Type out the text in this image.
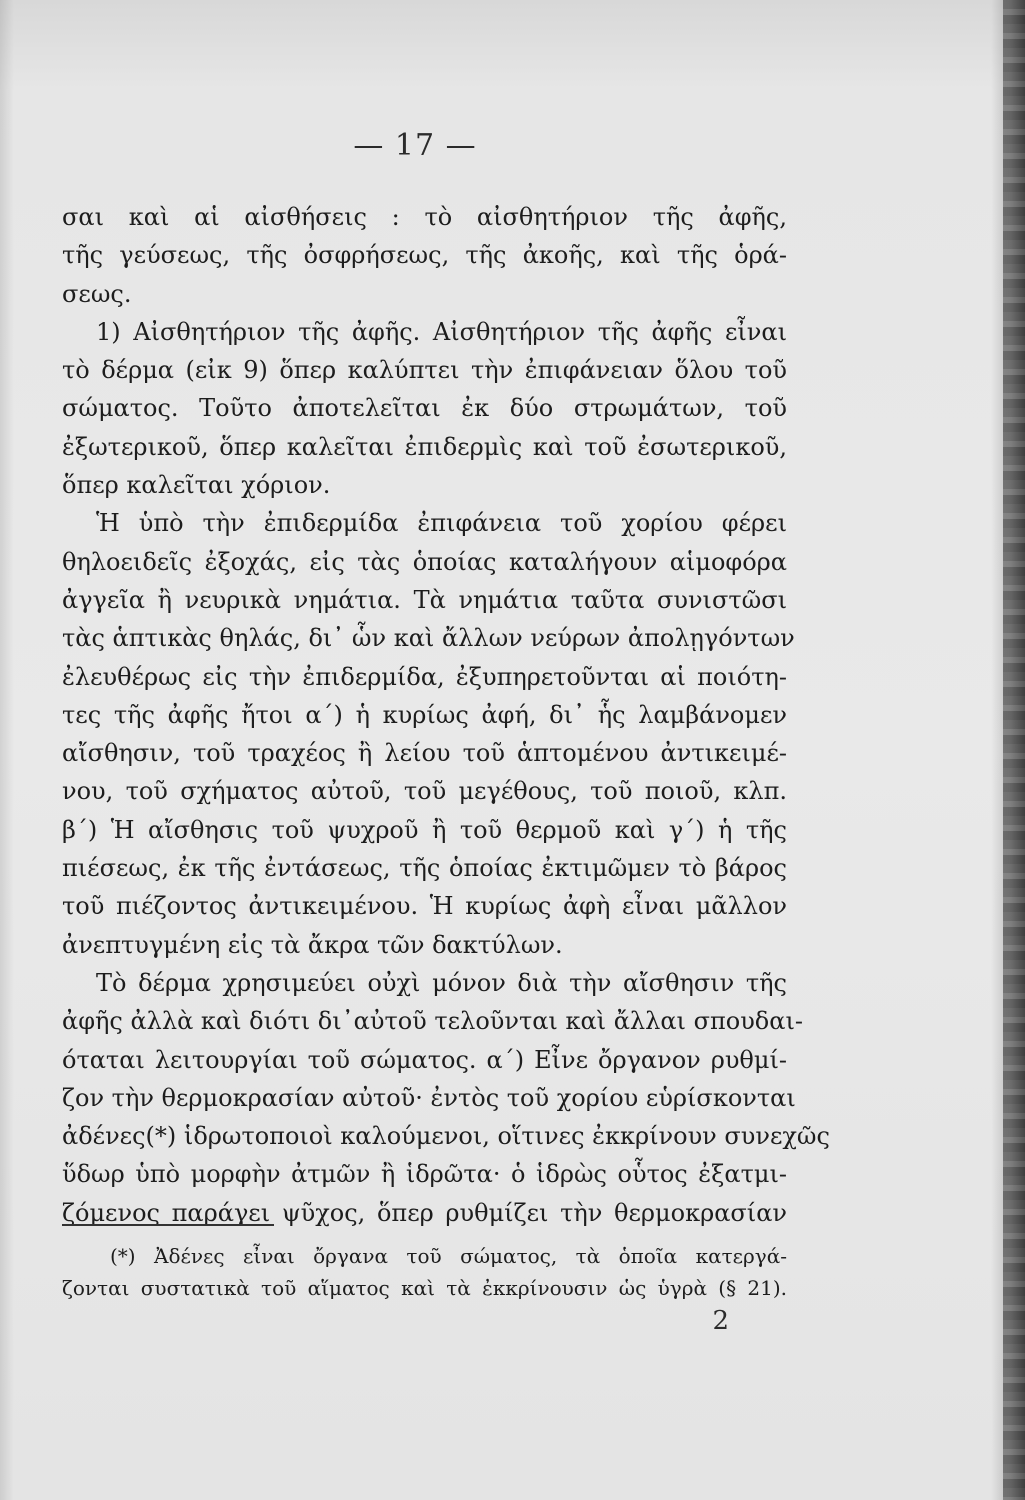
— 17 —
σαι καὶ αἱ αἰσθήσεις : τὸ αἰσθητήριον τῆς ἀφῆς,
τῆς γεύσεως, τῆς ὀσφρήσεως, τῆς ἀκοῆς, καὶ τῆς ὁρά-
σεως.
1) Αἰσθητήριον τῆς ἀφῆς. Αἰσθητήριον τῆς ἀφῆς εἶναι
τὸ δέρμα (εἰκ 9) ὅπερ καλύπτει τὴν ἐπιφάνειαν ὅλου τοῦ
σώματος. Τοῦτο ἀποτελεῖται ἐκ δύο στρωμάτων, τοῦ
ἐξωτερικοῦ, ὅπερ καλεῖται ἐπιδερμὶς καὶ τοῦ ἐσωτερικοῦ,
ὅπερ καλεῖται χόριον.
Ἡ ὑπὸ τὴν ἐπιδερμίδα ἐπιφάνεια τοῦ χορίου φέρει
θηλοειδεῖς ἐξοχάς, εἰς τὰς ὁποίας καταλήγουν αἱμοφόρα
ἀγγεῖα ἢ νευρικὰ νημάτια. Τὰ νημάτια ταῦτα συνιστῶσι
τὰς ἁπτικὰς θηλάς, δι᾽ ὧν καὶ ἄλλων νεύρων ἀπολῃγόντων
ἐλευθέρως εἰς τὴν ἐπιδερμίδα, ἐξυπηρετοῦνται αἱ ποιότη-
τες τῆς ἀφῆς ἤτοι α΄) ἡ κυρίως ἀφή, δι᾽ ἧς λαμβάνομεν
αἴσθησιν, τοῦ τραχέος ἢ λείου τοῦ ἁπτομένου ἀντικειμέ-
νου, τοῦ σχήματος αὐτοῦ, τοῦ μεγέθους, τοῦ ποιοῦ, κλπ.
β΄) Ἡ αἴσθησις τοῦ ψυχροῦ ἢ τοῦ θερμοῦ καὶ γ΄) ἡ τῆς
πιέσεως, ἐκ τῆς ἐντάσεως, τῆς ὁποίας ἐκτιμῶμεν τὸ βάρος
τοῦ πιέζοντος ἀντικειμένου. Ἡ κυρίως ἀφὴ εἶναι μᾶλλον
ἀνεπτυγμένη εἰς τὰ ἄκρα τῶν δακτύλων.
Τὸ δέρμα χρησιμεύει οὐχὶ μόνον διὰ τὴν αἴσθησιν τῆς
ἀφῆς ἀλλὰ καὶ διότι δι᾽αὐτοῦ τελοῦνται καὶ ἄλλαι σπουδαι-
όταται λειτουργίαι τοῦ σώματος. α΄) Εἶνε ὄργανον ρυθμί-
ζον τὴν θερμοκρασίαν αὐτοῦ· ἐντὸς τοῦ χορίου εὑρίσκονται
ἀδένες(*) ἱδρωτοποιοὶ καλούμενοι, οἵτινες ἐκκρίνουν συνεχῶς
ὕδωρ ὑπὸ μορφὴν ἀτμῶν ἢ ἱδρῶτα· ὁ ἱδρὼς οὗτος ἐξατμι-
ζόμενος παράγει ψῦχος, ὅπερ ρυθμίζει τὴν θερμοκρασίαν
(*) Ἀδένες εἶναι ὄργανα τοῦ σώματος, τὰ ὁποῖα κατεργά-
ζονται συστατικὰ τοῦ αἵματος καὶ τὰ ἐκκρίνουσιν ὡς ὑγρὰ (§ 21).
2
